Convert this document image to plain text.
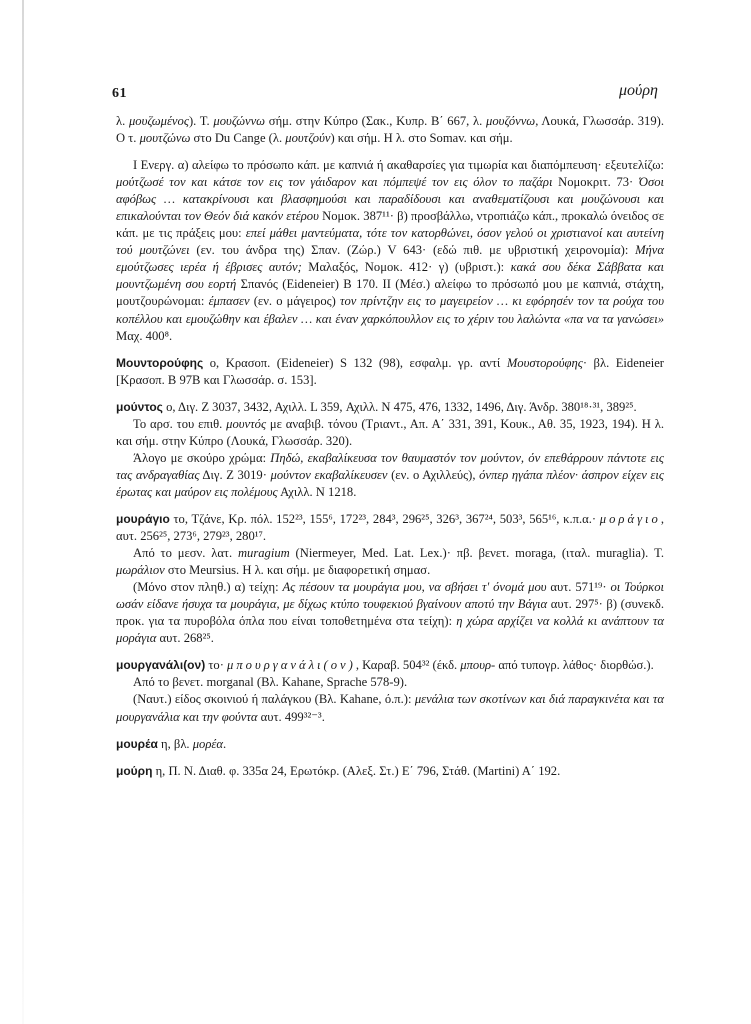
61	μούρη

λ. μουζωμένος). Τ. μουζώννω σήμ. στην Κύπρο (Σακ., Κυπρ. Β΄ 667, λ. μουζόννω, Λουκά, Γλωσσάρ. 319). Ο τ. μουτζώνω στο Du Cange (λ. μουτζούν) και σήμ. Η λ. στο Somav. και σήμ.

Ι Ενεργ. α) αλείφω το πρόσωπο κάπ. με καπνιά ή ακαθαρσίες για τιμωρία και διαπόμπευση· εξευτελίζω: μούτζωσέ τον και κάτσε τον εις τον γάιδαρον και πόμπεψέ τον εις όλον το παζάρι Νομοκριτ. 73· Όσοι αφόβως … κατακρίνουσι και βλασφημούσι και παραδίδουσι και αναθεματίζουσι και μουζώνουσι και επικαλούνται τον Θεόν διά κακόν ετέρου Νομοκ. 387¹¹· β) προσβάλλω, ντροπιάζω κάπ., προκαλώ όνειδος σε κάπ. με τις πράξεις μου: επεί μάθει μαντεύματα, τότε τον κατορθώνει, όσον γελού οι χριστιανοί και αυτείνη τού μουτζώνει (εν. του άνδρα της) Σπαν. (Ζώρ.) V 643· (εδώ πιθ. με υβριστική χειρονομία): Μήνα εμούτζωσες ιερέα ή έβρισες αυτόν; Μαλαξός, Νομοκ. 412· γ) (υβριστ.): κακά σου δέκα Σάββατα και μουντζωμένη σου εορτή Σπανός (Eideneier) Β 170. ΙΙ (Μέσ.) αλείφω το πρόσωπό μου με καπνιά, στάχτη, μουτζουρώνομαι: έμπασεν (εν. ο μάγειρος) τον πρίντζην εις το μαγειρείον … κι εφόρησέν τον τα ρούχα του κοπέλλου και εμουζώθην και έβαλεν … και έναν χαρκόπουλλον εις το χέριν του λαλώντα «πα να τα γανώσει» Μαχ. 400⁸.

Μουντορούφης ο, Κρασοπ. (Eideneier) S 132 (98), εσφαλμ. γρ. αντί Μουστορούφης· βλ. Eideneier [Κρασοπ. Β 97Β και Γλωσσάρ. σ. 153].

μούντος ο, Διγ. Ζ 3037, 3432, Αχιλλ. L 359, Αχιλλ. Ν 475, 476, 1332, 1496, Διγ. Άνδρ. 380¹⁸·³¹, 389²⁵.

Το αρσ. του επιθ. μουντός με αναβιβ. τόνου (Τριαντ., Απ. Α΄ 331, 391, Κουκ., Αθ. 35, 1923, 194). Η λ. και σήμ. στην Κύπρο (Λουκά, Γλωσσάρ. 320).

Άλογο με σκούρο χρώμα: Πηδώ, εκαβαλίκευσα τον θαυμαστόν τον μούντον, όν επεθάρρουν πάντοτε εις τας ανδραγαθίας Διγ. Ζ 3019· μούντον εκαβαλίκευσεν (εν. ο Αχιλλεύς), όνπερ ηγάπα πλέον· άσπρον είχεν εις έρωτας και μαύρον εις πολέμους Αχιλλ. Ν 1218.

μουράγιο το, Τζάνε, Κρ. πόλ. 152²³, 155⁶, 172²³, 284³, 296²⁵, 326³, 367²⁴, 503³, 565¹⁶, κ.π.α.· μοράγιο, αυτ. 256²⁵, 273⁶, 279²³, 280¹⁷.

Από το μεσν. λατ. muragium (Niermeyer, Med. Lat. Lex.)· πβ. βενετ. moraga, (ιταλ. muraglia). Τ. μωράλιον στο Meursius. Η λ. και σήμ. με διαφορετική σημασ.

(Μόνο στον πληθ.) α) τείχη: Ας πέσουν τα μουράγια μου, να σβήσει τ' όνομά μου αυτ. 571¹⁹· οι Τούρκοι ωσάν είδανε ήσυχα τα μουράγια, με δίχως κτύπο τουφεκιού βγαίνουν αποτύ την Βάγια αυτ. 297⁵· β) (συνεκδ. προκ. για τα πυροβόλα όπλα που είναι τοποθετημένα στα τείχη): η χώρα αρχίζει να κολλά κι ανάπτουν τα μοράγια αυτ. 268²⁵.

μουργανάλι(ον) το· μπουργανάλι(ον), Καραβ. 504³² (έκδ. μπουρ- από τυπογρ. λάθος· διορθώσ.).

Από το βενετ. morganal (Βλ. Kahane, Sprache 578-9).

(Ναυτ.) είδος σκοινιού ή παλάγκου (Βλ. Kahane, ό.π.): μενάλια των σκοτίνων και διά παραγκινέτα και τα μουργανάλια και την φούντα αυτ. 499³²⁻³.

μουρέα η, βλ. μορέα.

μούρη η, Π. Ν. Διαθ. φ. 335α 24, Ερωτόκρ. (Αλεξ. Στ.) Ε΄ 796, Στάθ. (Martini) Α΄ 192.
